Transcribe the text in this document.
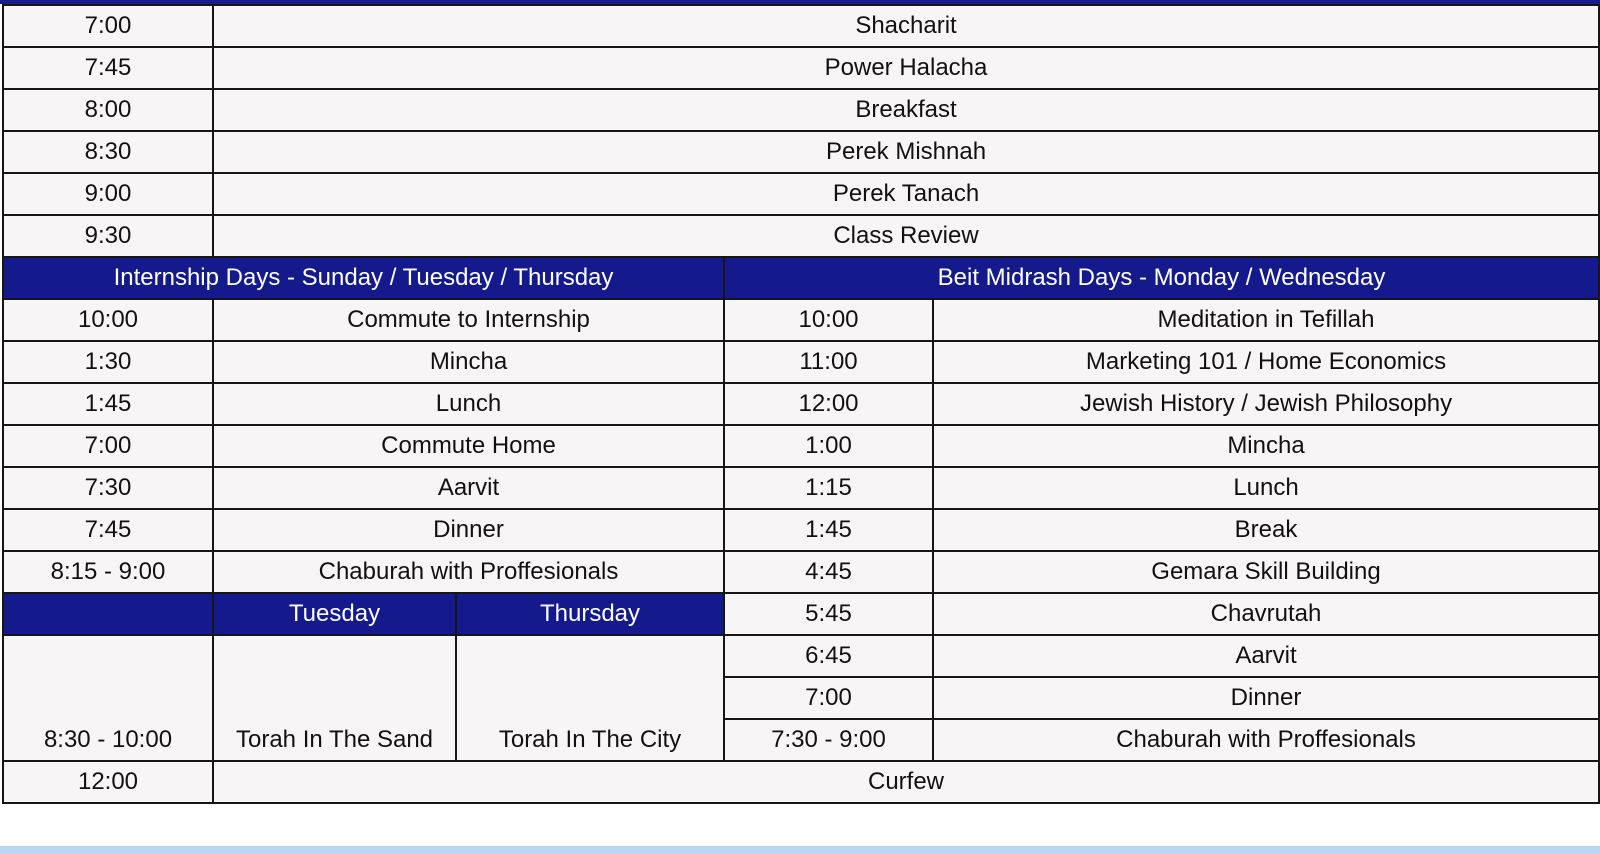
7:00	Shacharit			
7:45	Power Halacha			
8:00	Breakfast			
8:30	Perek Mishnah			
9:00	Perek Tanach			
9:30	Class Review			
Internship Days - Sunday / Tuesday / Thursday			Beit Midrash Days - Monday / Wednesday	
10:00	Commute to Internship		10:00	Meditation in Tefillah
1:30	Mincha		11:00	Marketing 101 / Home Economics
1:45	Lunch		12:00	Jewish History / Jewish Philosophy
7:00	Commute Home		1:00	Mincha
7:30	Aarvit		1:15	Lunch
7:45	Dinner		1:45	Break
8:15 - 9:00	Chaburah with Proffesionals		4:45	Gemara Skill Building
	Tuesday	Thursday	5:45	Chavrutah
8:30 - 10:00	Torah In The Sand	Torah In The City	6:45	Aarvit
			7:00	Dinner
			7:30 - 9:00	Chaburah with Proffesionals
12:00	Curfew			
